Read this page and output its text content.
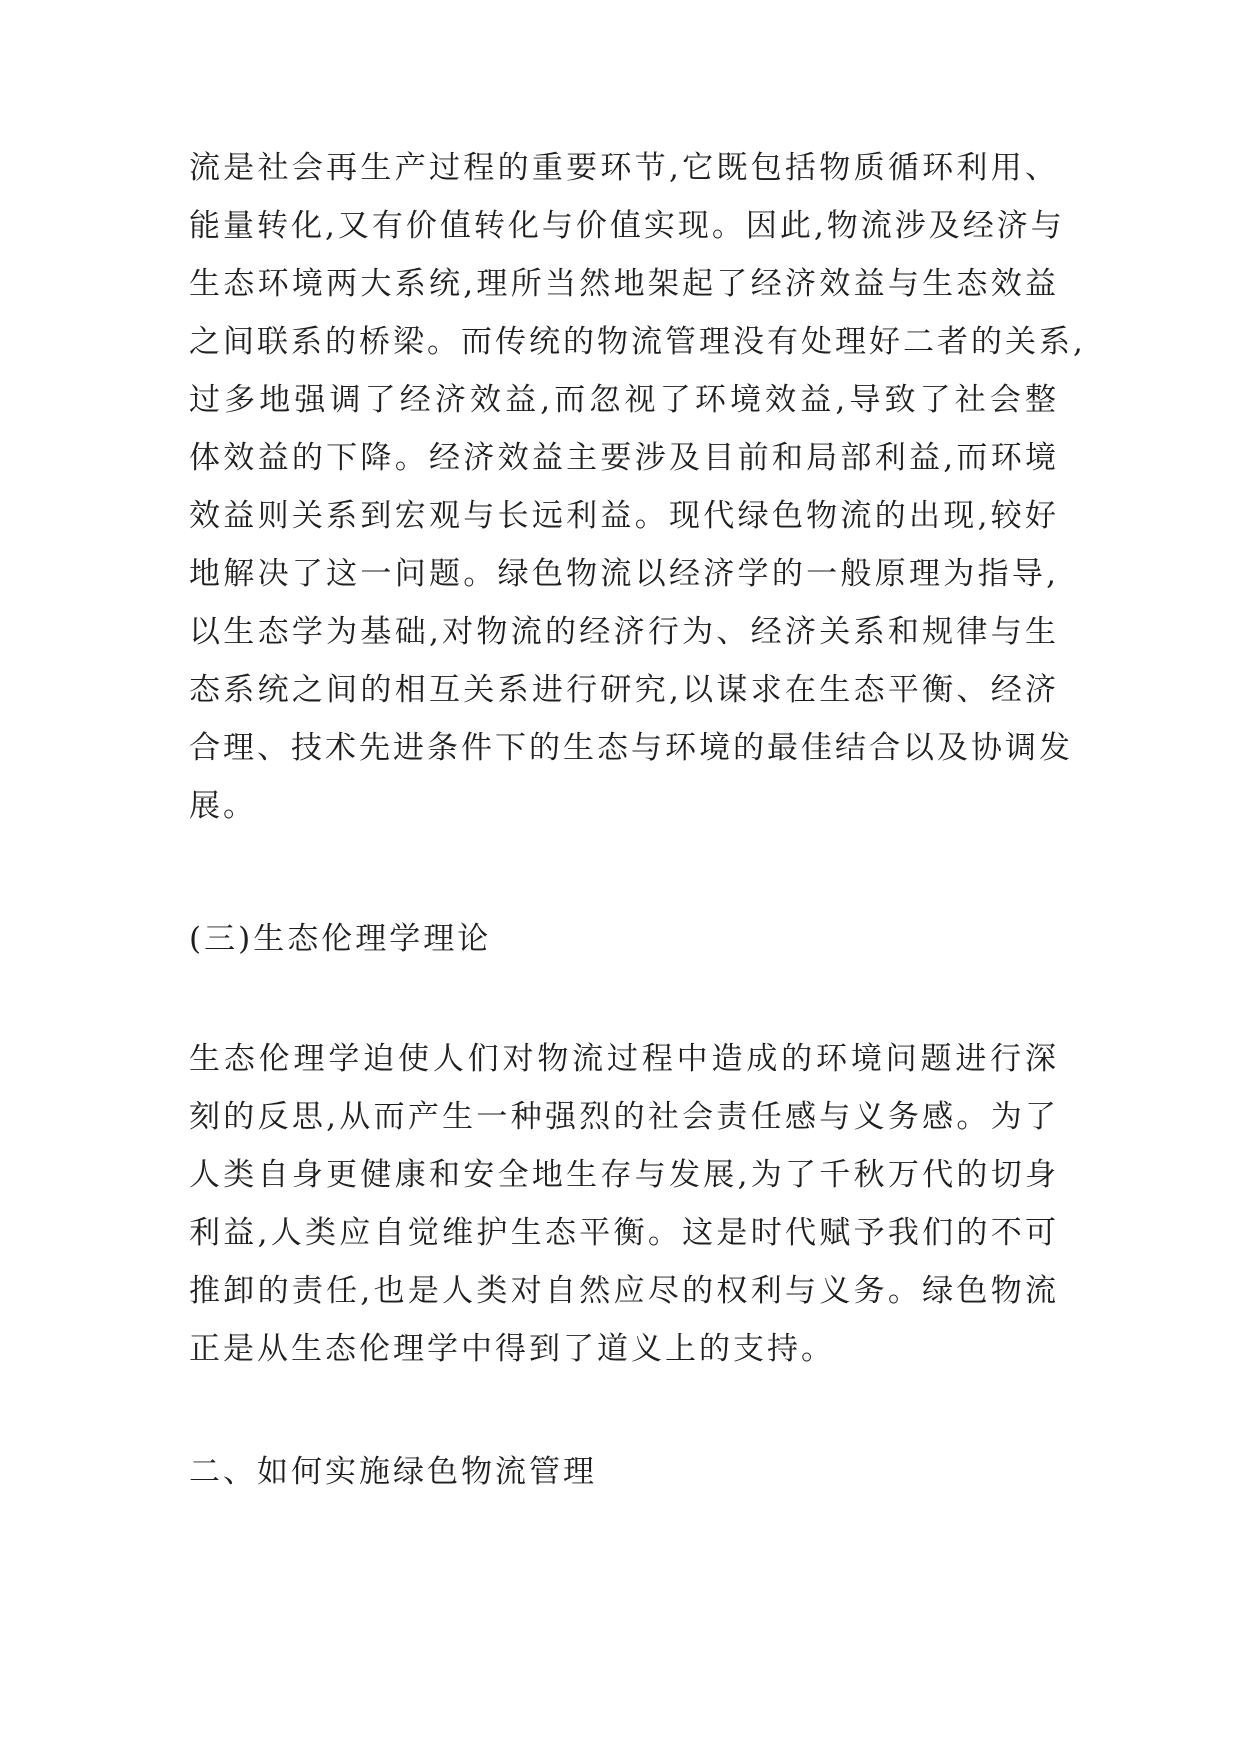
流是社会再生产过程的重要环节,它既包括物质循环利用、
能量转化,又有价值转化与价值实现。因此,物流涉及经济与
生态环境两大系统,理所当然地架起了经济效益与生态效益
之间联系的桥梁。而传统的物流管理没有处理好二者的关系,
过多地强调了经济效益,而忽视了环境效益,导致了社会整
体效益的下降。经济效益主要涉及目前和局部利益,而环境
效益则关系到宏观与长远利益。现代绿色物流的出现,较好
地解决了这一问题。绿色物流以经济学的一般原理为指导,
以生态学为基础,对物流的经济行为、经济关系和规律与生
态系统之间的相互关系进行研究,以谋求在生态平衡、经济
合理、技术先进条件下的生态与环境的最佳结合以及协调发
展。
(三)生态伦理学理论
生态伦理学迫使人们对物流过程中造成的环境问题进行深
刻的反思,从而产生一种强烈的社会责任感与义务感。为了
人类自身更健康和安全地生存与发展,为了千秋万代的切身
利益,人类应自觉维护生态平衡。这是时代赋予我们的不可
推卸的责任,也是人类对自然应尽的权利与义务。绿色物流
正是从生态伦理学中得到了道义上的支持。
二、如何实施绿色物流管理
